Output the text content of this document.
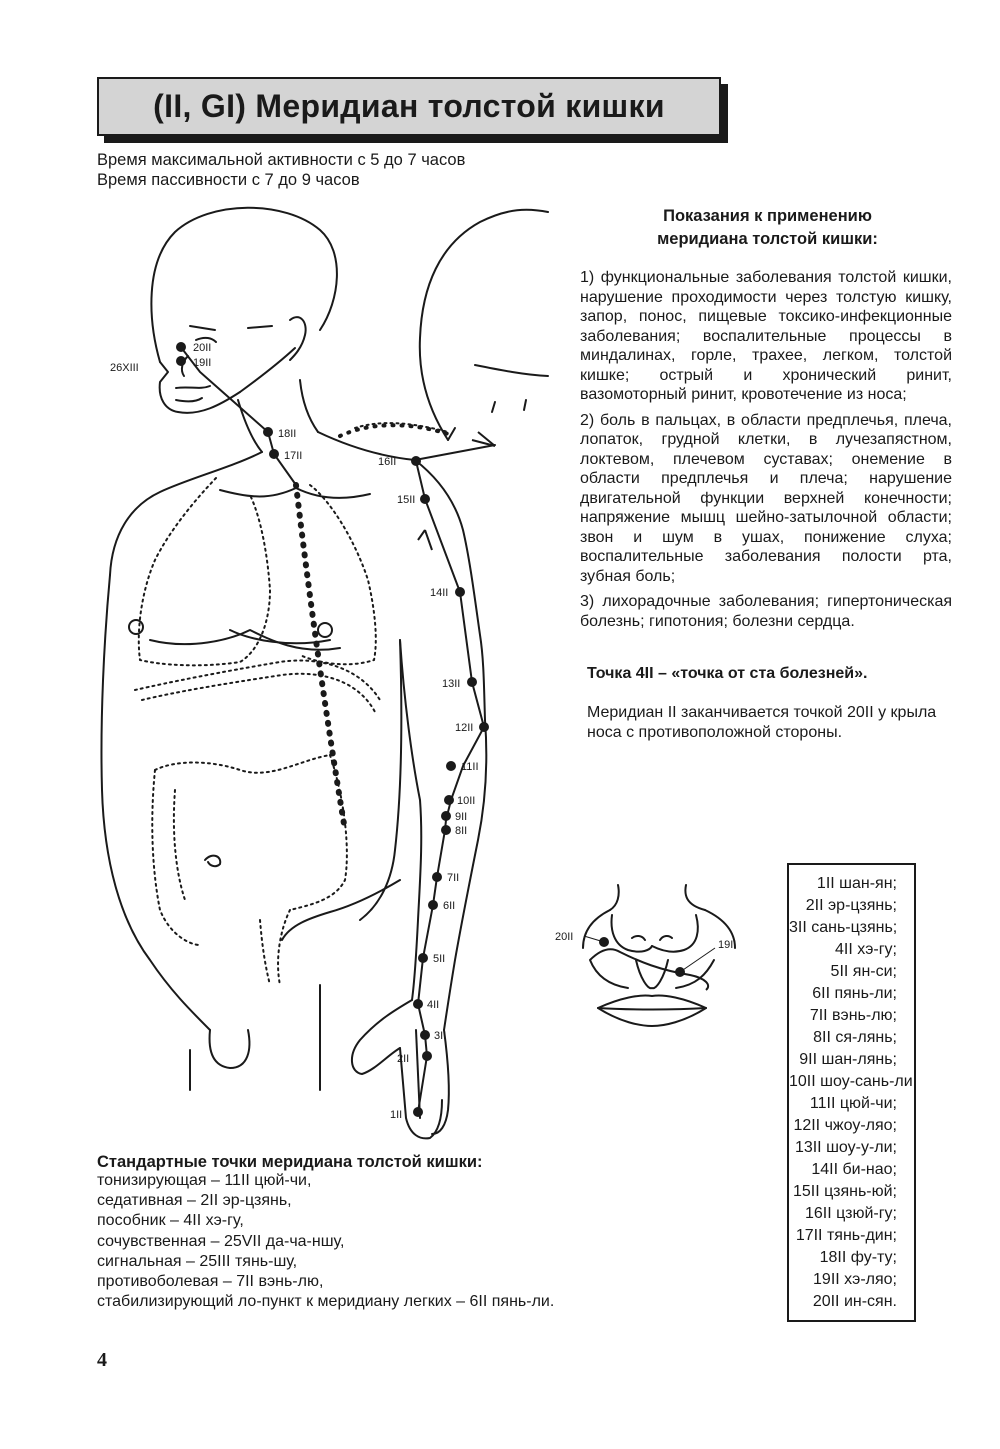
(II, GI) Меридиан толстой кишки
Время максимальной активности с 5 до 7 часов
Время пассивности с 7 до 9 часов
Показания к применению
меридиана толстой кишки:

1) функциональные заболевания толстой кишки, нарушение проходимости через толстую кишку, запор, понос, пищевые токсико-инфекционные заболевания; воспалительные процессы в миндалинах, горле, трахее, легком, толстой кишке; острый и хронический ринит, вазомоторный ринит, кровотечение из носа;

2) боль в пальцах, в области предплечья, плеча, лопаток, грудной клетки, в лучезапястном, локтевом, плечевом суставах; онемение в области предплечья и плеча; нарушение двигательной функции верхней конечности; напряжение мышц шейно-затылочной области; звон и шум в ушах, понижение слуха; воспалительные заболевания полости рта, зубная боль;

3) лихорадочные заболевания; гипертоническая болезнь; гипотония; болезни сердца.

Точка 4II – «точка от ста болезней».
Меридиан II заканчивается точкой 20II у крыла носа с противоположной стороны.
Стандартные точки меридиана толстой кишки:
тонизирующая – 11II цюй-чи,
седативная – 2II эр-цзянь,
пособник – 4II хэ-гу,
сочувственная – 25VII да-ча-ншу,
сигнальная – 25III тянь-шу,
противоболевая – 7II вэнь-лю,
стабилизирующий ло-пункт к меридиану легких – 6II пянь-ли.
1II шан-ян;
2II эр-цзянь;
3II сань-цзянь;
4II хэ-гу;
5II ян-си;
6II пянь-ли;
7II вэнь-лю;
8II ся-лянь;
9II шан-лянь;
10II шоу-сань-ли;
11II цюй-чи;
12II чжоу-ляо;
13II шоу-у-ли;
14II би-нао;
15II цзянь-юй;
16II цзюй-гу;
17II тянь-дин;
18II фу-ту;
19II хэ-ляо;
20II ин-сян.
4
20II
19II
26XIII
18II
17II	16II
15II
14II
13II
12II
11II
10II
9II
8II
7II
6II
5II
4II
3II
2II
1II
20II
19II
